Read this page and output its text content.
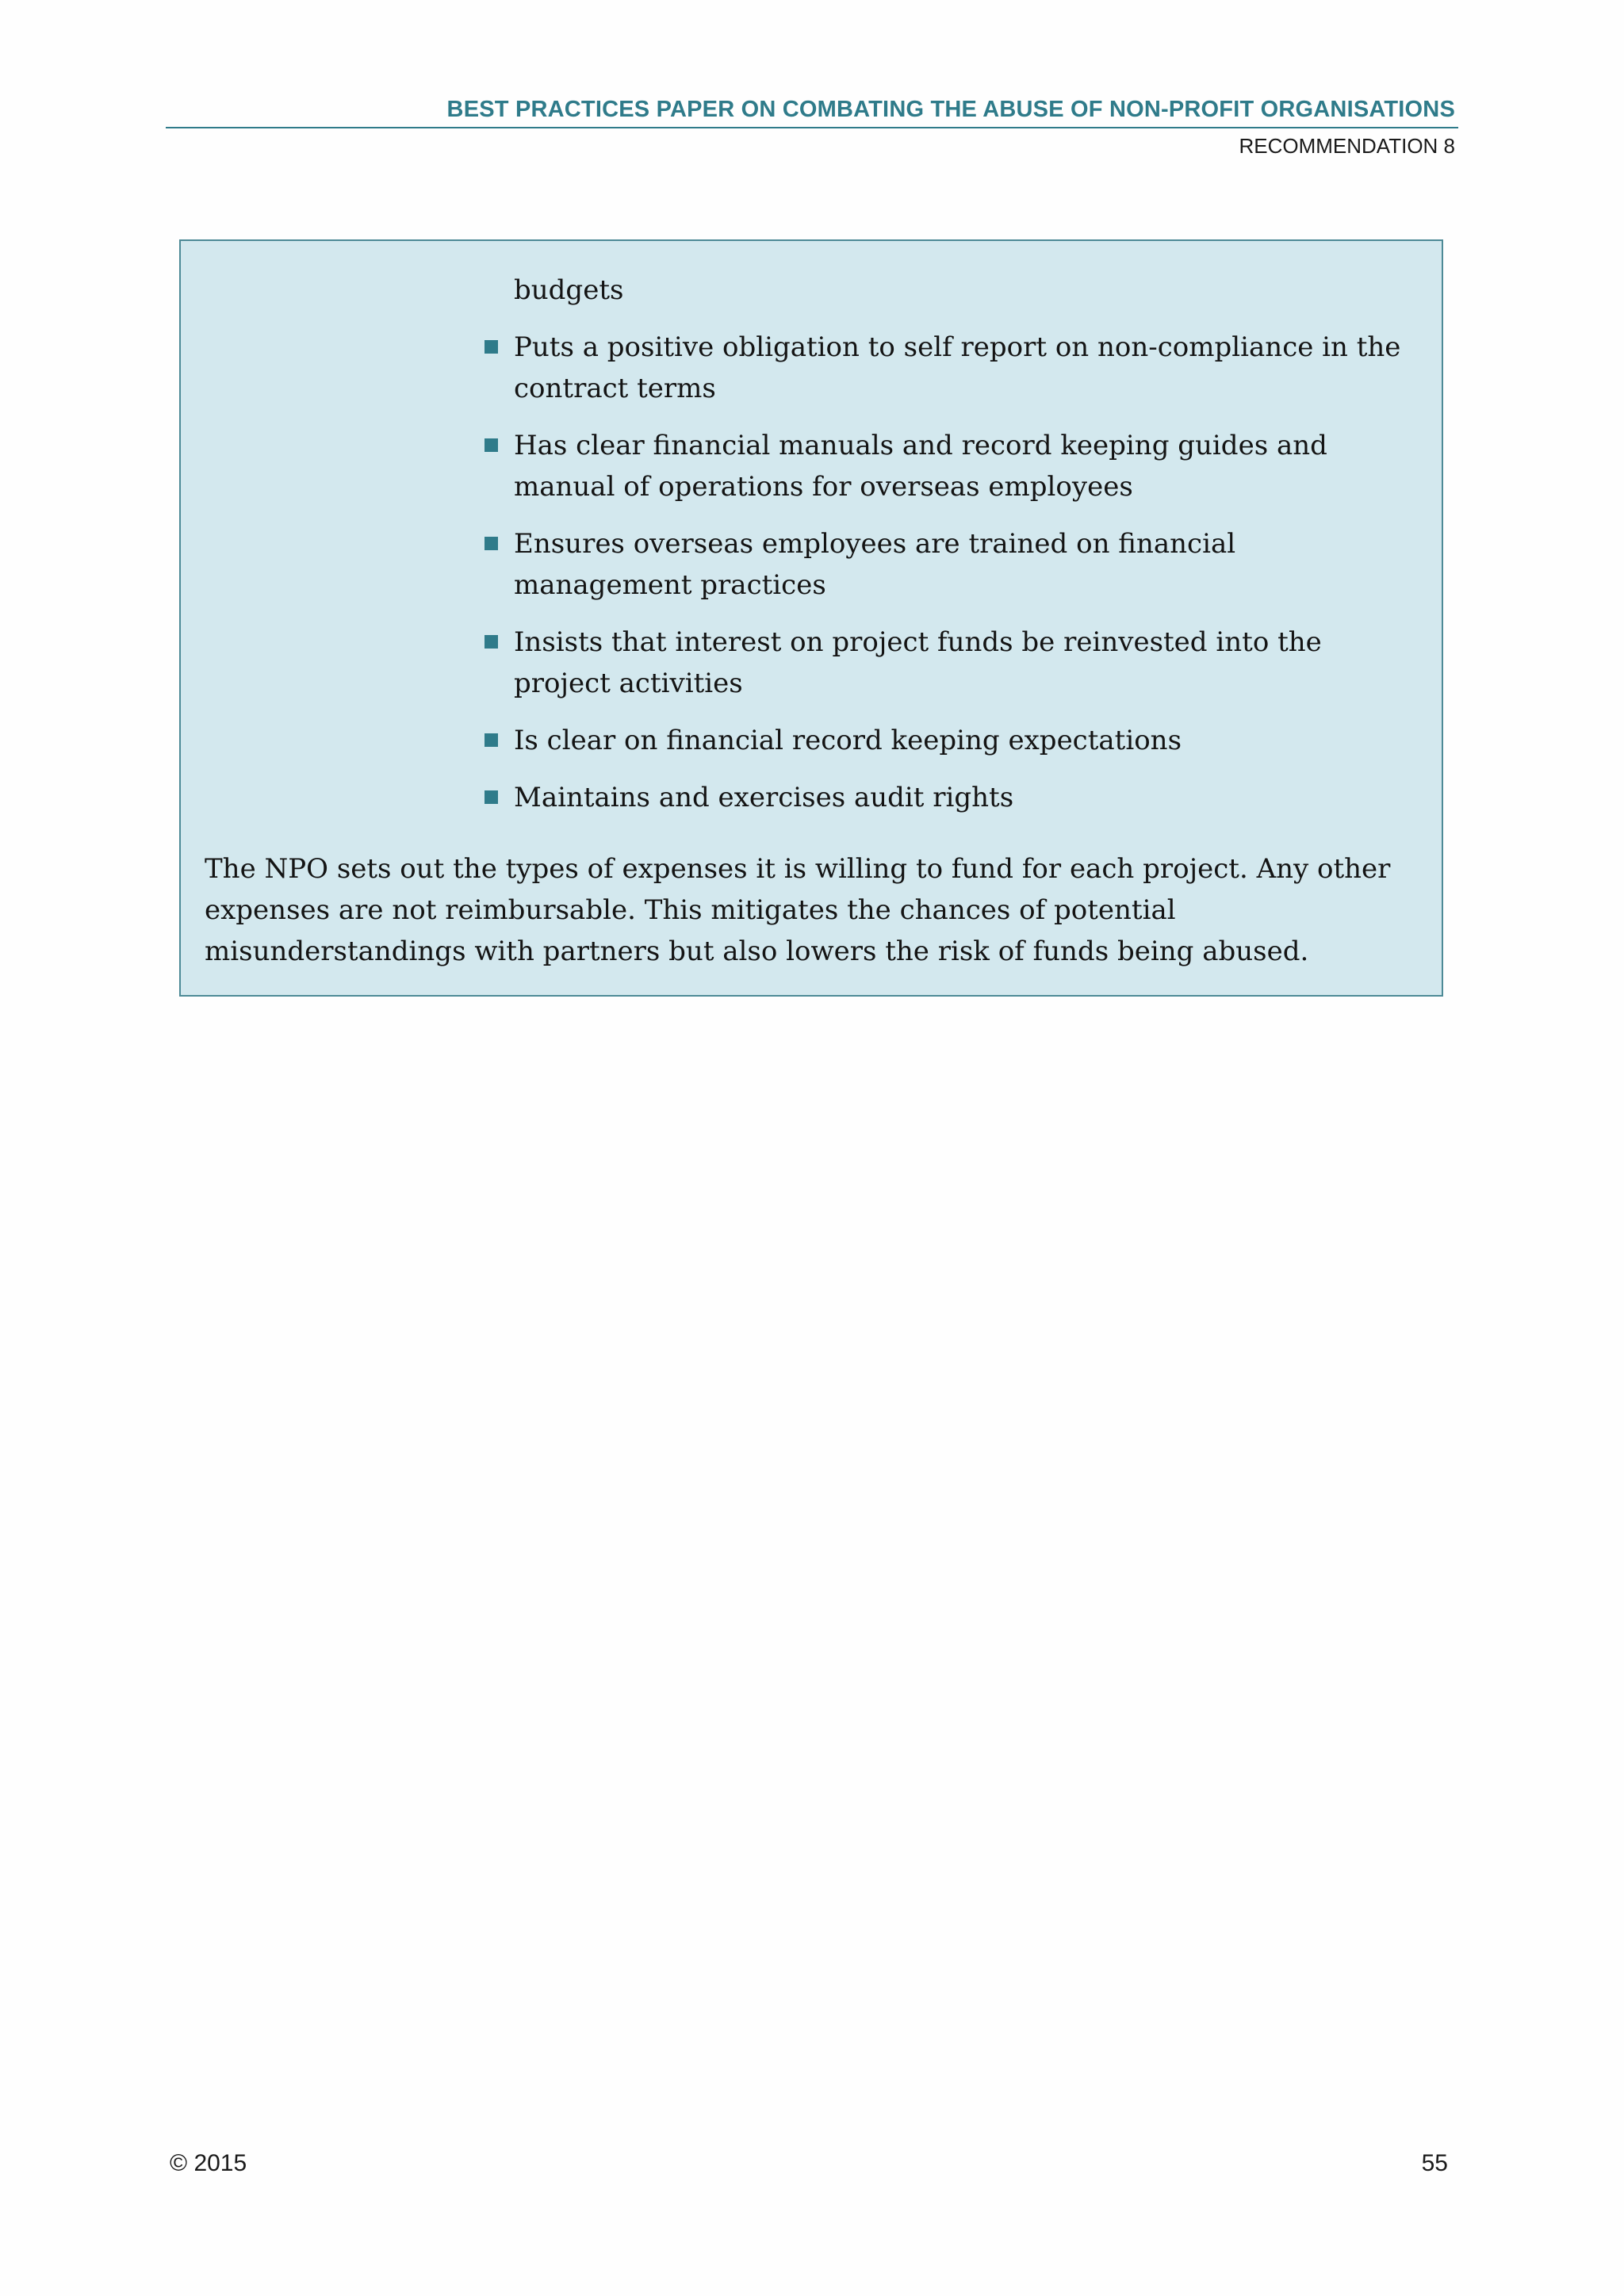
BEST PRACTICES PAPER ON COMBATING THE ABUSE OF NON-PROFIT ORGANISATIONS
RECOMMENDATION 8
budgets
Puts a positive obligation to self report on non-compliance in the contract terms
Has clear financial manuals and record keeping guides and manual of operations for overseas employees
Ensures overseas employees are trained on financial management practices
Insists that interest on project funds be reinvested into the project activities
Is clear on financial record keeping expectations
Maintains and exercises audit rights

The NPO sets out the types of expenses it is willing to fund for each project. Any other expenses are not reimbursable. This mitigates the chances of potential misunderstandings with partners but also lowers the risk of funds being abused.

© 2015	55
